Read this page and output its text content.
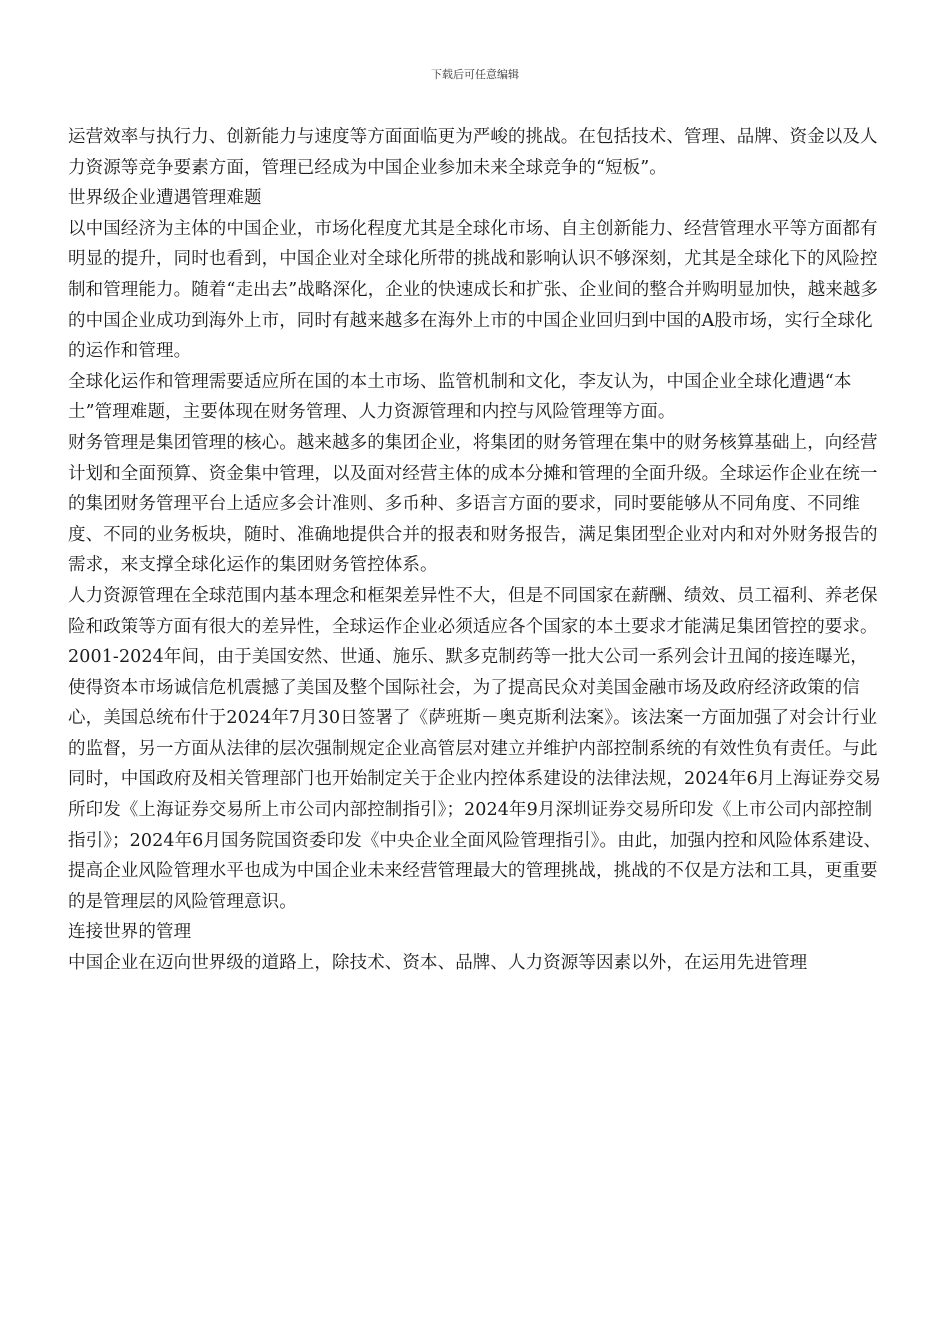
下载后可任意编辑

运营效率与执行力、创新能力与速度等方面面临更为严峻的挑战。在包括技术、管理、品牌、资金以及人力资源等竞争要素方面，管理已经成为中国企业参加未来全球竞争的“短板”。

世界级企业遭遇管理难题

以中国经济为主体的中国企业，市场化程度尤其是全球化市场、自主创新能力、经营管理水平等方面都有明显的提升，同时也看到，中国企业对全球化所带的挑战和影响认识不够深刻，尤其是全球化下的风险控制和管理能力。随着“走出去”战略深化，企业的快速成长和扩张、企业间的整合并购明显加快，越来越多的中国企业成功到海外上市，同时有越来越多在海外上市的中国企业回归到中国的A股市场，实行全球化的运作和管理。

全球化运作和管理需要适应所在国的本土市场、监管机制和文化，李友认为，中国企业全球化遭遇“本土”管理难题，主要体现在财务管理、人力资源管理和内控与风险管理等方面。

财务管理是集团管理的核心。越来越多的集团企业，将集团的财务管理在集中的财务核算基础上，向经营计划和全面预算、资金集中管理，以及面对经营主体的成本分摊和管理的全面升级。全球运作企业在统一的集团财务管理平台上适应多会计准则、多币种、多语言方面的要求，同时要能够从不同角度、不同维度、不同的业务板块，随时、准确地提供合并的报表和财务报告，满足集团型企业对内和对外财务报告的需求，来支撑全球化运作的集团财务管控体系。

人力资源管理在全球范围内基本理念和框架差异性不大，但是不同国家在薪酬、绩效、员工福利、养老保险和政策等方面有很大的差异性，全球运作企业必须适应各个国家的本土要求才能满足集团管控的要求。

2001-2024年间，由于美国安然、世通、施乐、默多克制药等一批大公司一系列会计丑闻的接连曝光，使得资本市场诚信危机震撼了美国及整个国际社会，为了提高民众对美国金融市场及政府经济政策的信心，美国总统布什于2024年7月30日签署了《萨班斯－奥克斯利法案》。该法案一方面加强了对会计行业的监督，另一方面从法律的层次强制规定企业高管层对建立并维护内部控制系统的有效性负有责任。与此同时，中国政府及相关管理部门也开始制定关于企业内控体系建设的法律法规，2024年6月上海证券交易所印发《上海证券交易所上市公司内部控制指引》；2024年9月深圳证券交易所印发《上市公司内部控制指引》；2024年6月国务院国资委印发《中央企业全面风险管理指引》。由此，加强内控和风险体系建设、提高企业风险管理水平也成为中国企业未来经营管理最大的管理挑战，挑战的不仅是方法和工具，更重要的是管理层的风险管理意识。

连接世界的管理

中国企业在迈向世界级的道路上，除技术、资本、品牌、人力资源等因素以外，在运用先进管理
